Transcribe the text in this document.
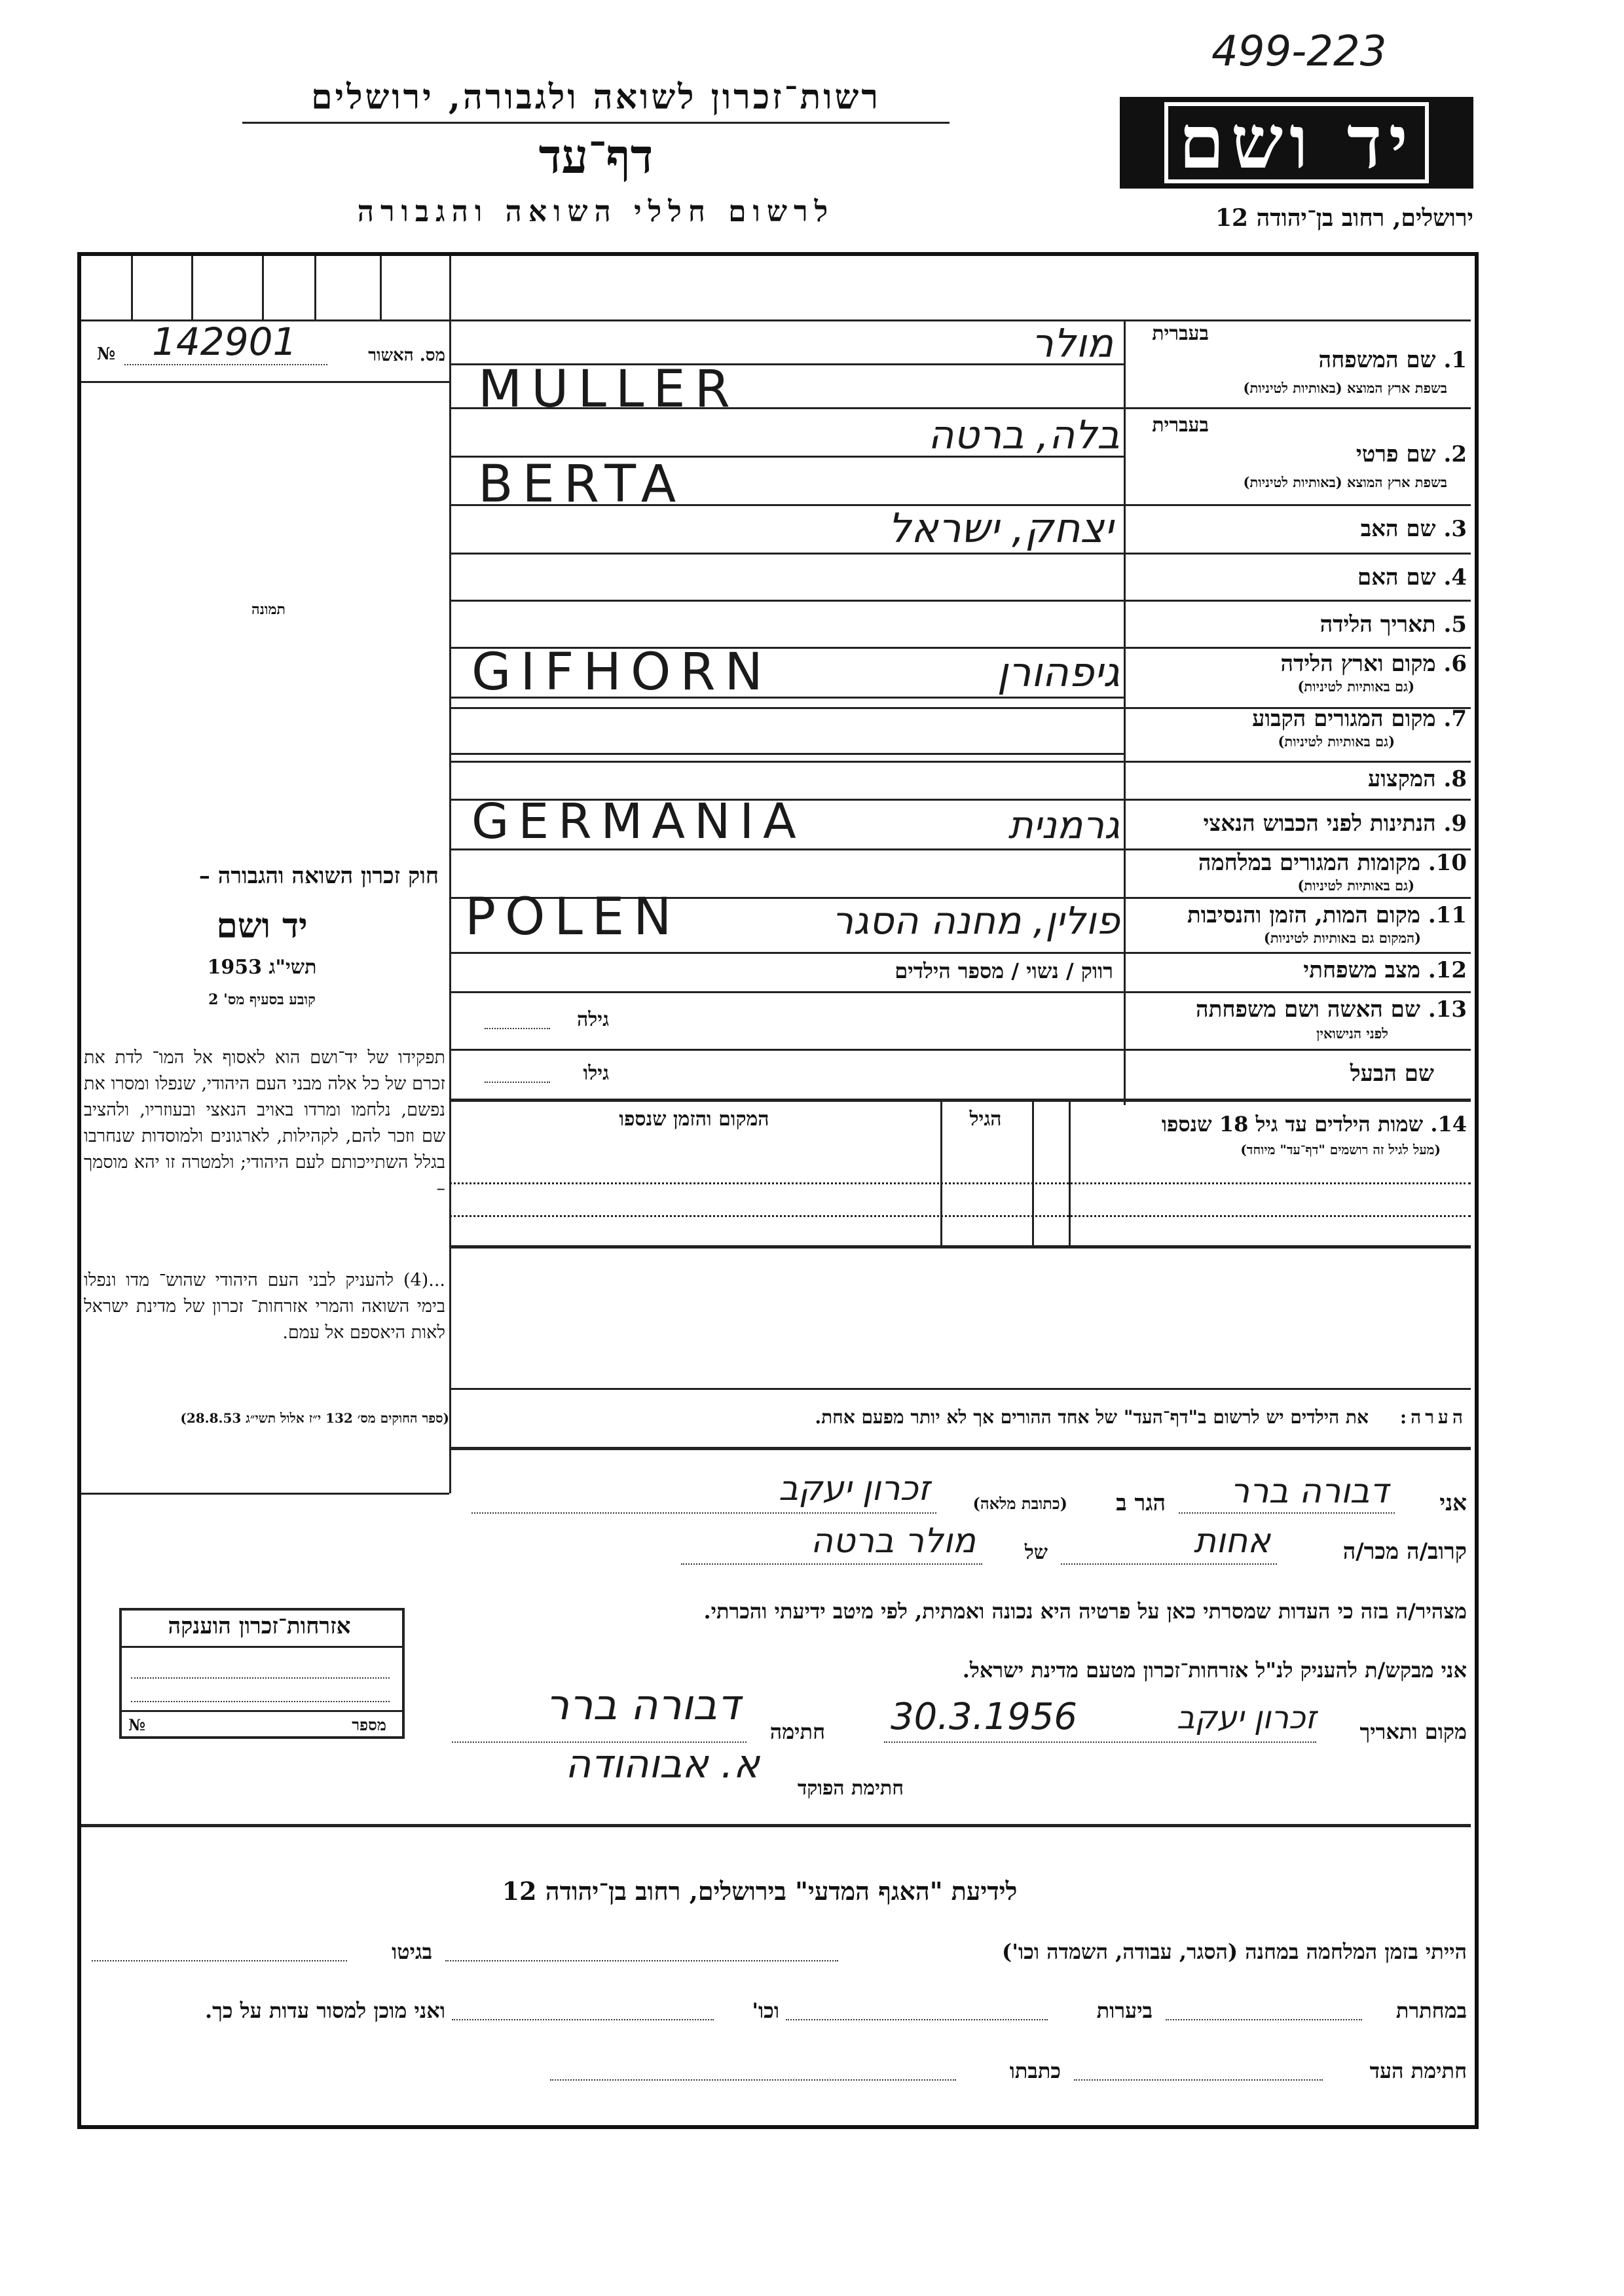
499-223
רשות־זכרון לשואה ולגבורה, ירושלים
דף־עד
לרשום חללי השואה והגבורה
יד ושם
ירושלים, רחוב בן־יהודה 12
מס. האשור
№ 142901
תמונה
חוק זכרון השואה והגבורה –
יד ושם
תשי"ג 1953
קובע בסעיף מס' 2
תפקידו של יד־ושם הוא לאסוף אל המו־ לדת את זכרם של כל אלה מבני העם היהודי, שנפלו ומסרו את נפשם, נלחמו ומרדו באויב הנאצי ובעוזריו, ולהציב שם וזכר להם, לקהילות, לארגונים ולמוסדות שנחרבו בגלל השתייכותם לעם היהודי; ולמטרה זו יהא מוסמך –
...(4) להעניק לבני העם היהודי שהוש־ מדו ונפלו בימי השואה והמרי אזרחות־ זכרון של מדינת ישראל לאות היאספם אל עמם.
בעברית
1. שם המשפחה
בשפת ארץ המוצא (באותיות לטיניות)
מולר
MULLER
בעברית
2. שם פרטי
בשפת ארץ המוצא (באותיות לטיניות)
בלה, ברטה
BERTA
3. שם האב
יצחק, ישראל
4. שם האם
5. תאריך הלידה
6. מקום וארץ הלידה
(גם באותיות לטיניות)
גיפהורן
GIFHORN
7. מקום המגורים הקבוע
(גם באותיות לטיניות)
8. המקצוע
9. הנתינות לפני הכבוש הנאצי
גרמנית
GERMANIA
10. מקומות המגורים במלחמה
(גם באותיות לטיניות)
11. מקום המות, הזמן והנסיבות
(המקום גם באותיות לטיניות)
פולין, מחנה הסגר
POLEN
12. מצב משפחתי
רווק / נשוי / מספר הילדים
13. שם האשה ושם משפחתה
לפני הנישואין
גילה
שם הבעל
גילו
14. שמות הילדים עד גיל 18 שנספו
(מעל לגיל זה רושמים "דף־עד" מיוחד)
הגיל
המקום והזמן שנספו
(ספר החוקים מס׳ 132 י״ז אלול תשי״ג 28.8.53)	הערה:
את הילדים יש לרשום ב"דף־העד" של אחד ההורים אך לא יותר מפעם אחת.
אני
דבורה ברר
הגר ב
(כתובת מלאה)
זכרון יעקב
קרוב/ה מכר/ה
אחות
של
מולר ברטה
מצהיר/ה בזה כי העדות שמסרתי כאן על פרטיה היא נכונה ואמתית, לפי מיטב ידיעתי והכרתי.
אני מבקש/ת להעניק לנ"ל אזרחות־זכרון מטעם מדינת ישראל.
מקום ותאריך
זכרון יעקב
30.3.1956
חתימה
דבורה ברר
חתימת הפוקד
א. אבוהודה
אזרחות־זכרון הוענקה
מספר
№
לידיעת "האגף המדעי" בירושלים, רחוב בן־יהודה 12
הייתי בזמן המלחמה במחנה (הסגר, עבודה, השמדה וכו')
בגיטו
במחתרת
ביערות
וכו'
ואני מוכן למסור עדות על כך.
חתימת העד
כתבתו
